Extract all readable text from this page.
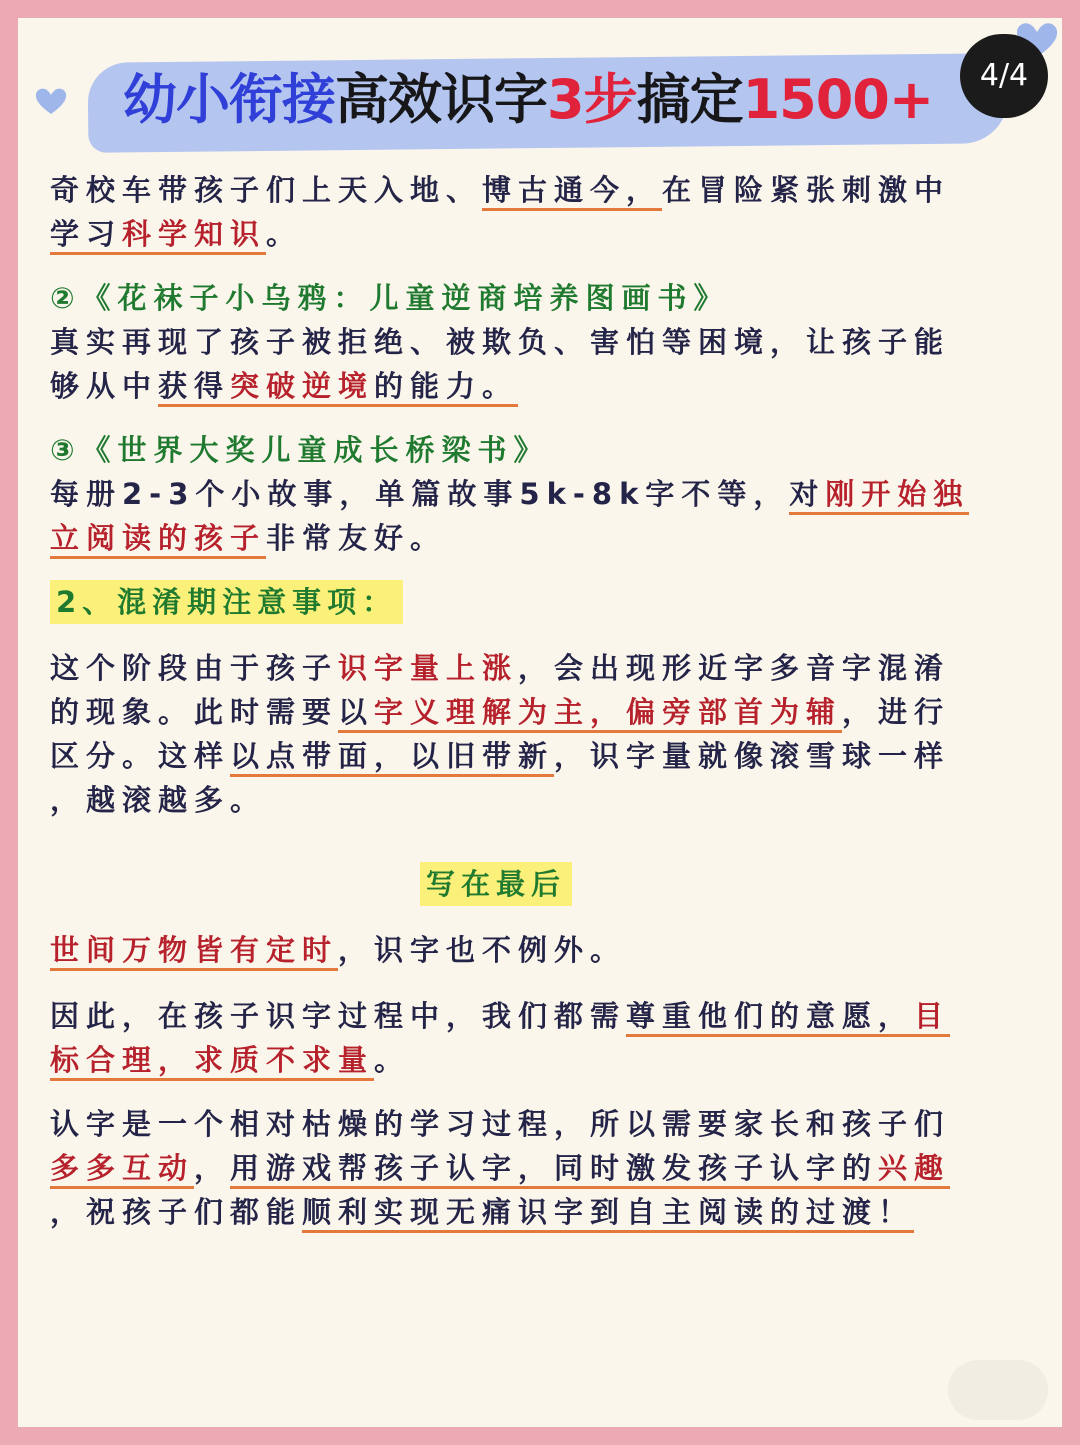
幼小衔接高效识字3步搞定1500+	4/4
奇校车带孩子们上天入地、博古通今，在冒险紧张刺激中
学习科学知识。
②《花袜子小乌鸦：儿童逆商培养图画书》
真实再现了孩子被拒绝、被欺负、害怕等困境，让孩子能
够从中获得突破逆境的能力。
③《世界大奖儿童成长桥梁书》
每册2-3个小故事，单篇故事5k-8k字不等，对刚开始独
立阅读的孩子非常友好。
2、混淆期注意事项：
这个阶段由于孩子识字量上涨，会出现形近字多音字混淆
的现象。此时需要以字义理解为主，偏旁部首为辅，进行
区分。这样以点带面，以旧带新，识字量就像滚雪球一样
，越滚越多。
写在最后
世间万物皆有定时，识字也不例外。
因此，在孩子识字过程中，我们都需尊重他们的意愿，目
标合理，求质不求量。
认字是一个相对枯燥的学习过程，所以需要家长和孩子们
多多互动，用游戏帮孩子认字，同时激发孩子认字的兴趣
，祝孩子们都能顺利实现无痛识字到自主阅读的过渡！
